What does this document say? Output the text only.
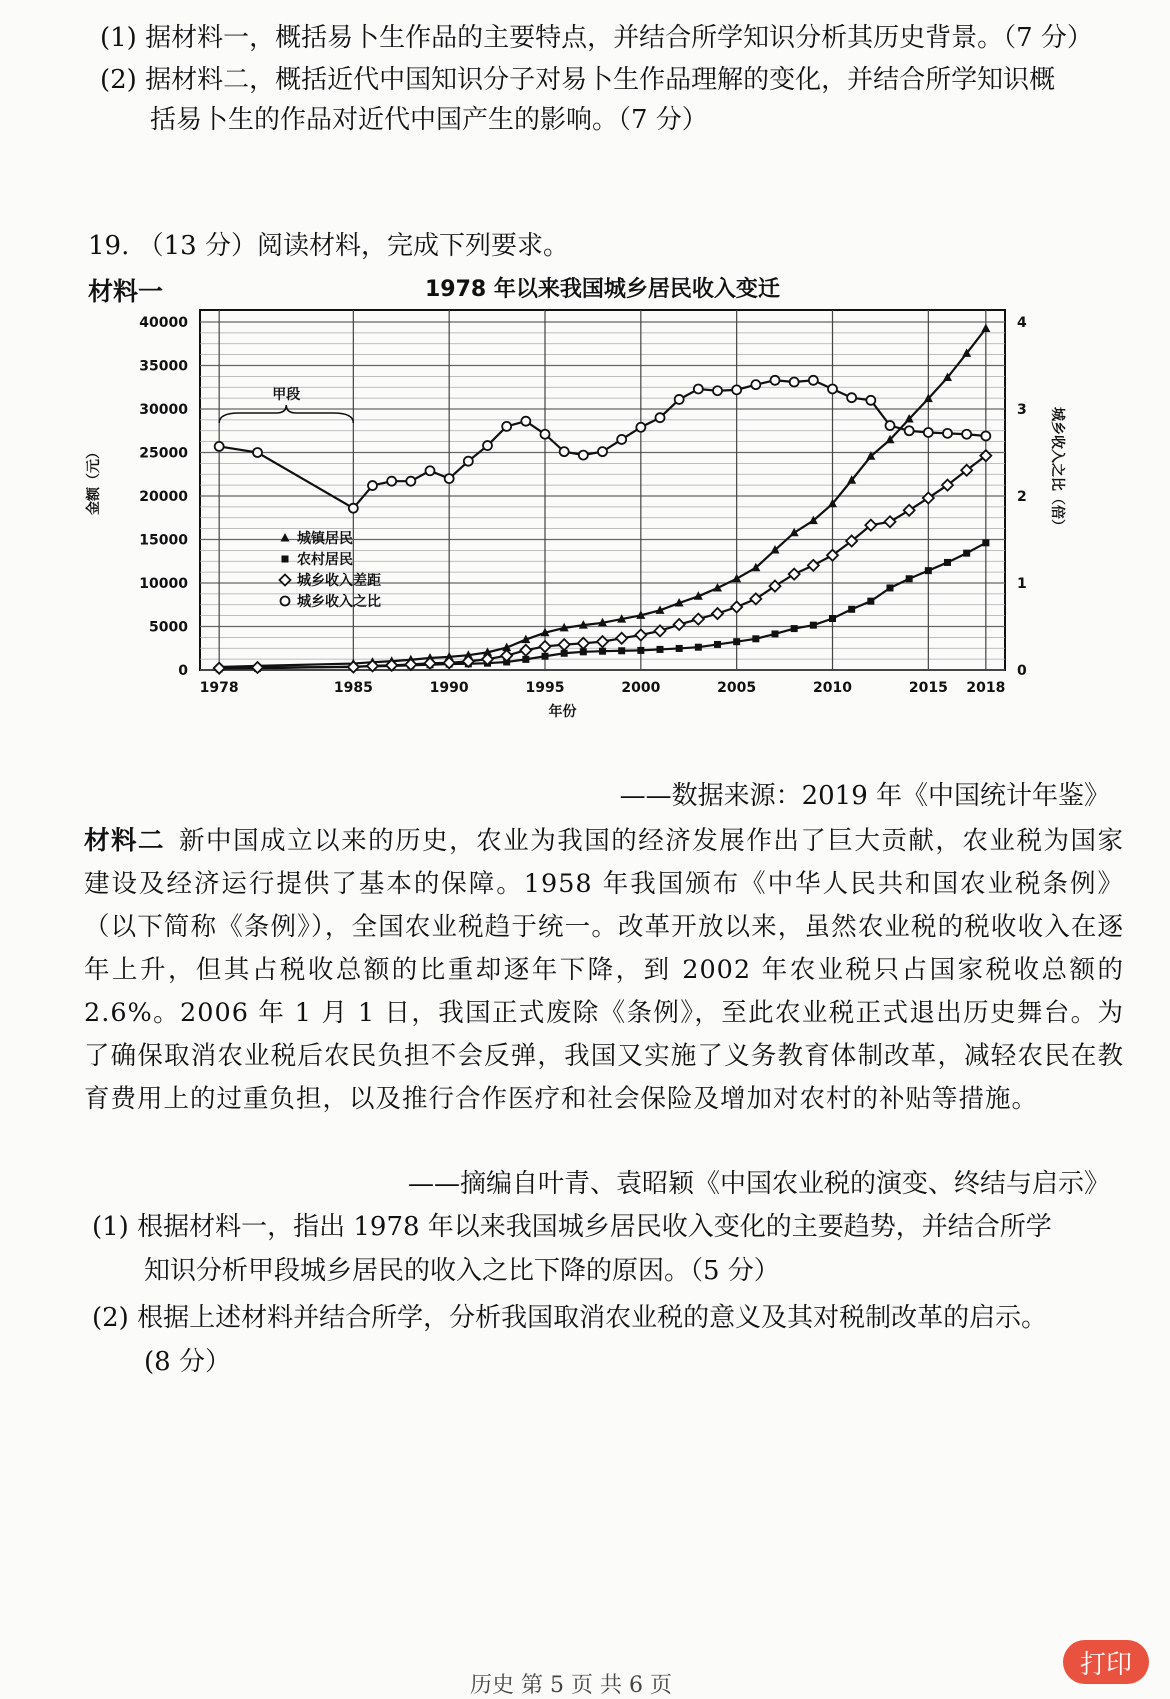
(1) 据材料一，概括易卜生作品的主要特点，并结合所学知识分析其历史背景。（7 分）
(2) 据材料二，概括近代中国知识分子对易卜生作品理解的变化，并结合所学知识概
括易卜生的作品对近代中国产生的影响。（7 分）
19. （13 分）阅读材料，完成下列要求。
材料一	1978 年以来我国城乡居民收入变迁
0
5000
10000
15000
20000
25000
30000
35000
40000
0
1
2
3
4
1978	1985	1990	1995	2000	2005	2010	2015 2018
年份
金额（元）	城乡收入之比（倍）
甲段
城镇居民
农村居民
城乡收入差距
城乡收入之比
——数据来源：2019 年《中国统计年鉴》
材料二 新中国成立以来的历史，农业为我国的经济发展作出了巨大贡献，农业税为国家建设及经济运行提供了基本的保障。1958 年我国颁布《中华人民共和国农业税条例》（以下简称《条例》），全国农业税趋于统一。改革开放以来，虽然农业税的税收收入在逐年上升，但其占税收总额的比重却逐年下降，到 2002 年农业税只占国家税收总额的 2.6%。2006 年 1 月 1 日，我国正式废除《条例》，至此农业税正式退出历史舞台。为了确保取消农业税后农民负担不会反弹，我国又实施了义务教育体制改革，减轻农民在教育费用上的过重负担，以及推行合作医疗和社会保险及增加对农村的补贴等措施。
——摘编自叶青、袁昭颖《中国农业税的演变、终结与启示》
(1) 根据材料一，指出 1978 年以来我国城乡居民收入变化的主要趋势，并结合所学
知识分析甲段城乡居民的收入之比下降的原因。（5 分）
(2) 根据上述材料并结合所学，分析我国取消农业税的意义及其对税制改革的启示。
(8 分）
历史 第 5 页 共 6 页
打印
